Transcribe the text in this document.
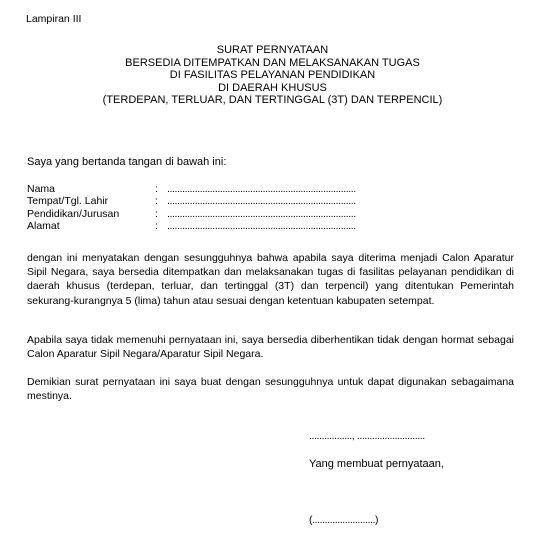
Lampiran III
SURAT PERNYATAAN
BERSEDIA DITEMPATKAN DAN MELAKSANAKAN TUGAS
DI FASILITAS PELAYANAN PENDIDIKAN
DI DAERAH KHUSUS
(TERDEPAN, TERLUAR, DAN TERTINGGAL (3T) DAN TERPENCIL)
Saya yang bertanda tangan di bawah ini:
Nama	: ...........................................................................
Tempat/Tgl. Lahir	: ...........................................................................
Pendidikan/Jurusan	: ...........................................................................
Alamat	: ...........................................................................
dengan ini menyatakan dengan sesungguhnya bahwa apabila saya diterima menjadi Calon Aparatur Sipil Negara, saya bersedia ditempatkan dan melaksanakan tugas di fasilitas pelayanan pendidikan di daerah khusus (terdepan, terluar, dan tertinggal (3T) dan terpencil) yang ditentukan Pemerintah sekurang-kurangnya 5 (lima) tahun atau sesuai dengan ketentuan kabupaten setempat.
Apabila saya tidak memenuhi pernyataan ini, saya bersedia diberhentikan tidak dengan hormat sebagai Calon Aparatur Sipil Negara/Aparatur Sipil Negara.
Demikian surat pernyataan ini saya buat dengan sesungguhnya untuk dapat digunakan sebagaimana mestinya.
................., ...........................
Yang membuat pernyataan,
(.........................)
